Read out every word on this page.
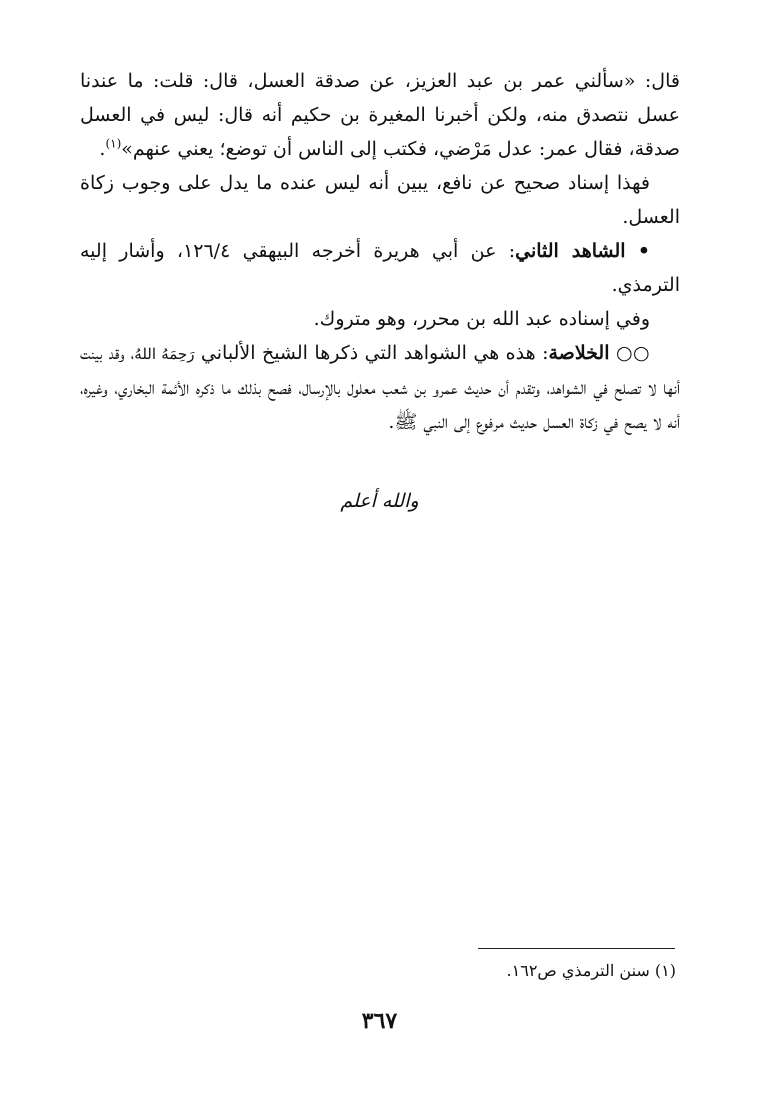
قال: «سألني عمر بن عبد العزيز، عن صدقة العسل، قال: قلت: ما عندنا عسل نتصدق منه، ولكن أخبرنا المغيرة بن حكيم أنه قال: ليس في العسل صدقة، فقال عمر: عدل مَرْضي، فكتب إلى الناس أن توضع؛ يعني عنهم»$^{(١)}$.

فهذا إسناد صحيح عن نافع، يبين أنه ليس عنده ما يدل على وجوب زكاة العسل.

• الشاهد الثاني: عن أبي هريرة أخرجه البيهقي ١٢٦/٤، وأشار إليه الترمذي.

وفي إسناده عبد الله بن محرر، وهو متروك.

○○ الخلاصة: هذه هي الشواهد التي ذكرها الشيخ الألباني رَحِمَهُ اللهُ، وقد بينت أنها لا تصلح في الشواهد، وتقدم أن حديث عمرو بن شعب معلول بالإرسال، فصح بذلك ما ذكره الأئمة البخاري، وغيره، أنه لا يصح في زكاة العسل حديث مرفوع إلى النبي ﷺ.

والله أعلم
(١) سنن الترمذي ص١٦٢.
٣٦٧
